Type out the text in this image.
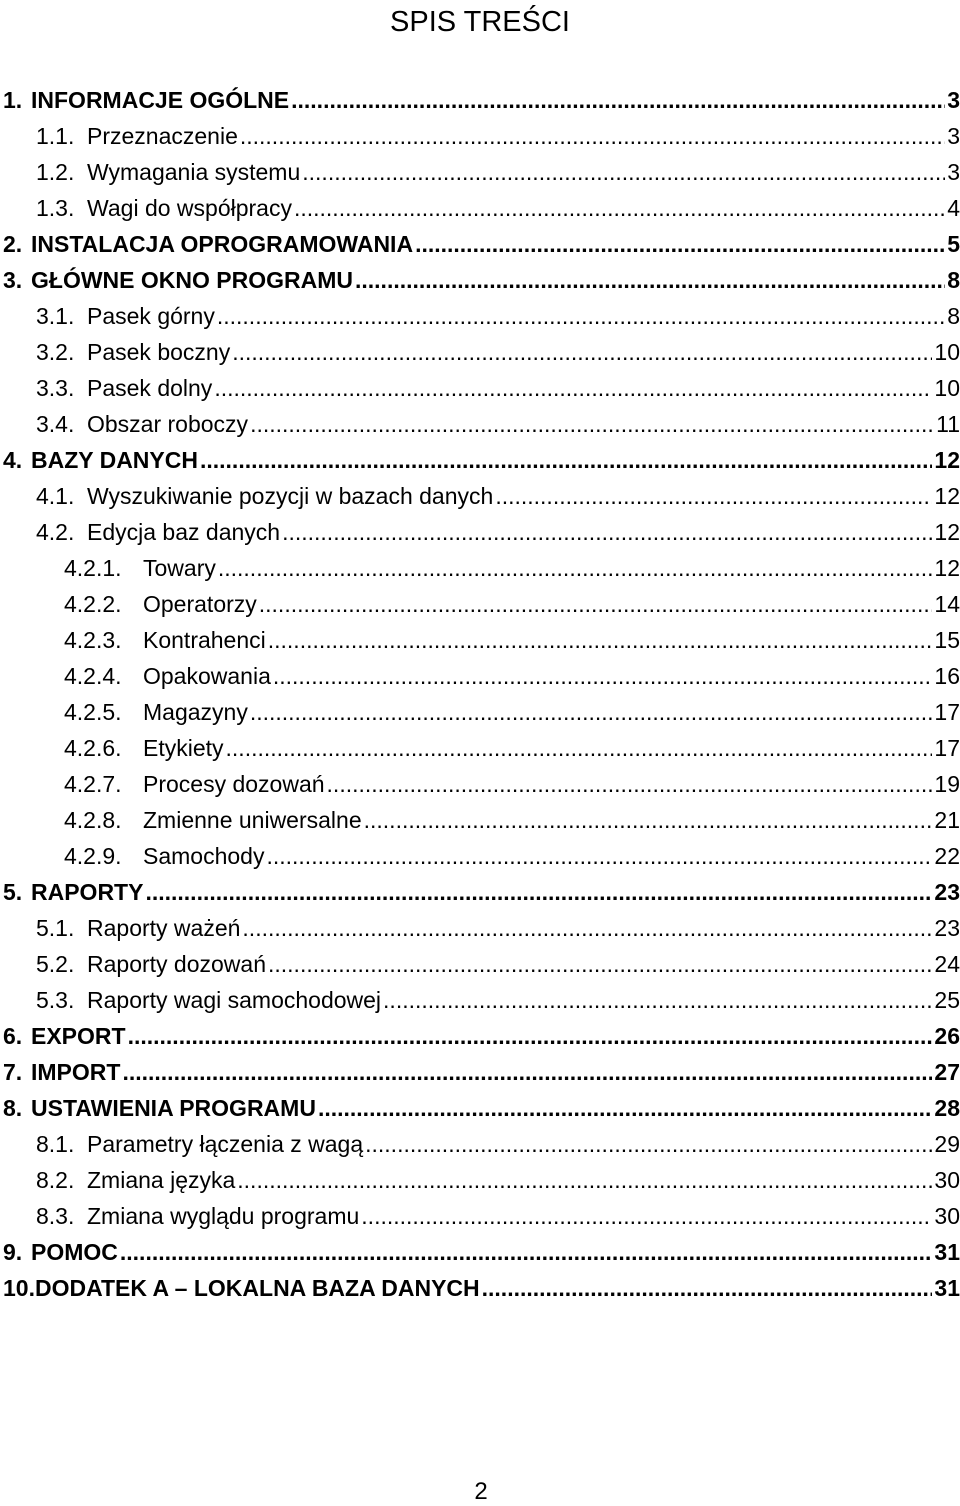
SPIS TREŚCI
1. INFORMACJE OGÓLNE .....	3
1.1. Przeznaczenie .....	3
1.2. Wymagania systemu .....	3
1.3. Wagi do współpracy .....	4
2. INSTALACJA OPROGRAMOWANIA .....	5
3. GŁÓWNE OKNO PROGRAMU .....	8
3.1. Pasek górny .....	8
3.2. Pasek boczny .....	10
3.3. Pasek dolny .....	10
3.4. Obszar roboczy .....	11
4. BAZY DANYCH .....	12
4.1. Wyszukiwanie pozycji w bazach danych .....	12
4.2. Edycja baz danych .....	12
4.2.1. Towary .....	12
4.2.2. Operatorzy .....	14
4.2.3. Kontrahenci .....	15
4.2.4. Opakowania .....	16
4.2.5. Magazyny .....	17
4.2.6. Etykiety .....	17
4.2.7. Procesy dozowań .....	19
4.2.8. Zmienne uniwersalne .....	21
4.2.9. Samochody .....	22
5. RAPORTY .....	23
5.1. Raporty ważeń .....	23
5.2. Raporty dozowań .....	24
5.3. Raporty wagi samochodowej .....	25
6. EXPORT .....	26
7. IMPORT .....	27
8. USTAWIENIA PROGRAMU .....	28
8.1. Parametry łączenia z wagą .....	29
8.2. Zmiana języka .....	30
8.3. Zmiana wyglądu programu .....	30
9. POMOC .....	31
10. DODATEK A – LOKALNA BAZA DANYCH .....	31
2
